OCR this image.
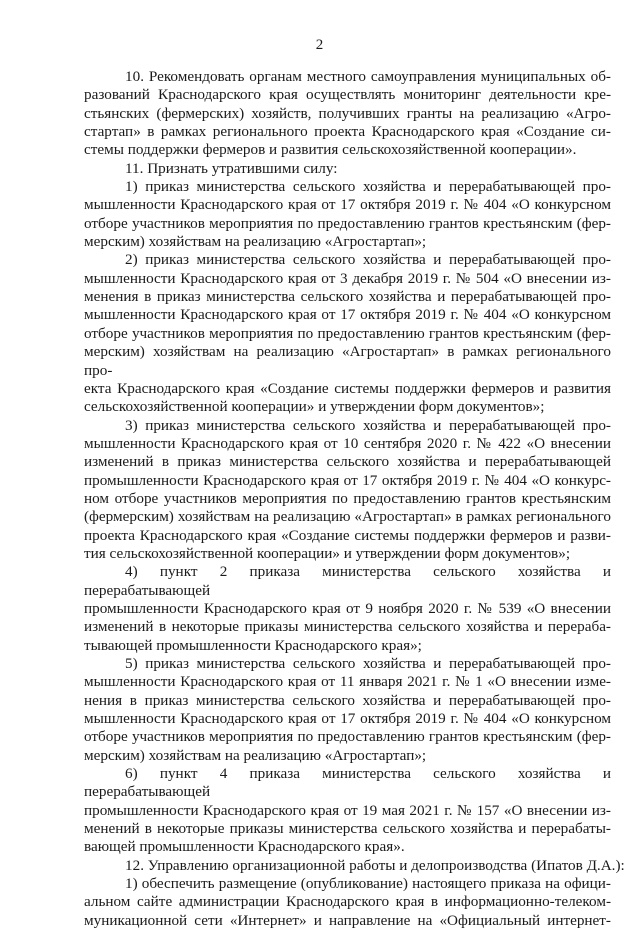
2

10. Рекомендовать органам местного самоуправления муниципальных об-
разований Краснодарского края осуществлять мониторинг деятельности кре-
стьянских (фермерских) хозяйств, получивших гранты на реализацию «Агро-
стартап» в рамках регионального проекта Краснодарского края «Создание си-
стемы поддержки фермеров и развития сельскохозяйственной кооперации».

11. Признать утратившими силу:

1) приказ министерства сельского хозяйства и перерабатывающей про-
мышленности Краснодарского края от 17 октября 2019 г. № 404 «О конкурсном
отборе участников мероприятия по предоставлению грантов крестьянским (фер-
мерским) хозяйствам на реализацию «Агростартап»;

2) приказ министерства сельского хозяйства и перерабатывающей про-
мышленности Краснодарского края от 3 декабря 2019 г. № 504 «О внесении из-
менения в приказ министерства сельского хозяйства и перерабатывающей про-
мышленности Краснодарского края от 17 октября 2019 г. № 404 «О конкурсном
отборе участников мероприятия по предоставлению грантов крестьянским (фер-
мерским) хозяйствам на реализацию «Агростартап» в рамках регионального про-
екта Краснодарского края «Создание системы поддержки фермеров и развития
сельскохозяйственной кооперации» и утверждении форм документов»;

3) приказ министерства сельского хозяйства и перерабатывающей про-
мышленности Краснодарского края от 10 сентября 2020 г. № 422 «О внесении
изменений в приказ министерства сельского хозяйства и перерабатывающей
промышленности Краснодарского края от 17 октября 2019 г. № 404 «О конкурс-
ном отборе участников мероприятия по предоставлению грантов крестьянским
(фермерским) хозяйствам на реализацию «Агростартап» в рамках регионального
проекта Краснодарского края «Создание системы поддержки фермеров и разви-
тия сельскохозяйственной кооперации» и утверждении форм документов»;

4) пункт 2 приказа министерства сельского хозяйства и перерабатывающей
промышленности Краснодарского края от 9 ноября 2020 г. № 539 «О внесении
изменений в некоторые приказы министерства сельского хозяйства и перераба-
тывающей промышленности Краснодарского края»;

5) приказ министерства сельского хозяйства и перерабатывающей про-
мышленности Краснодарского края от 11 января 2021 г. № 1 «О внесении изме-
нения в приказ министерства сельского хозяйства и перерабатывающей про-
мышленности Краснодарского края от 17 октября 2019 г. № 404 «О конкурсном
отборе участников мероприятия по предоставлению грантов крестьянским (фер-
мерским) хозяйствам на реализацию «Агростартап»;

6) пункт 4 приказа министерства сельского хозяйства и перерабатывающей
промышленности Краснодарского края от 19 мая 2021 г. № 157 «О внесении из-
менений в некоторые приказы министерства сельского хозяйства и перерабаты-
вающей промышленности Краснодарского края».

12. Управлению организационной работы и делопроизводства (Ипатов Д.А.):

1) обеспечить размещение (опубликование) настоящего приказа на офици-
альном сайте администрации Краснодарского края в информационно-телеком-
муникационной сети «Интернет» и направление на «Официальный интернет-
